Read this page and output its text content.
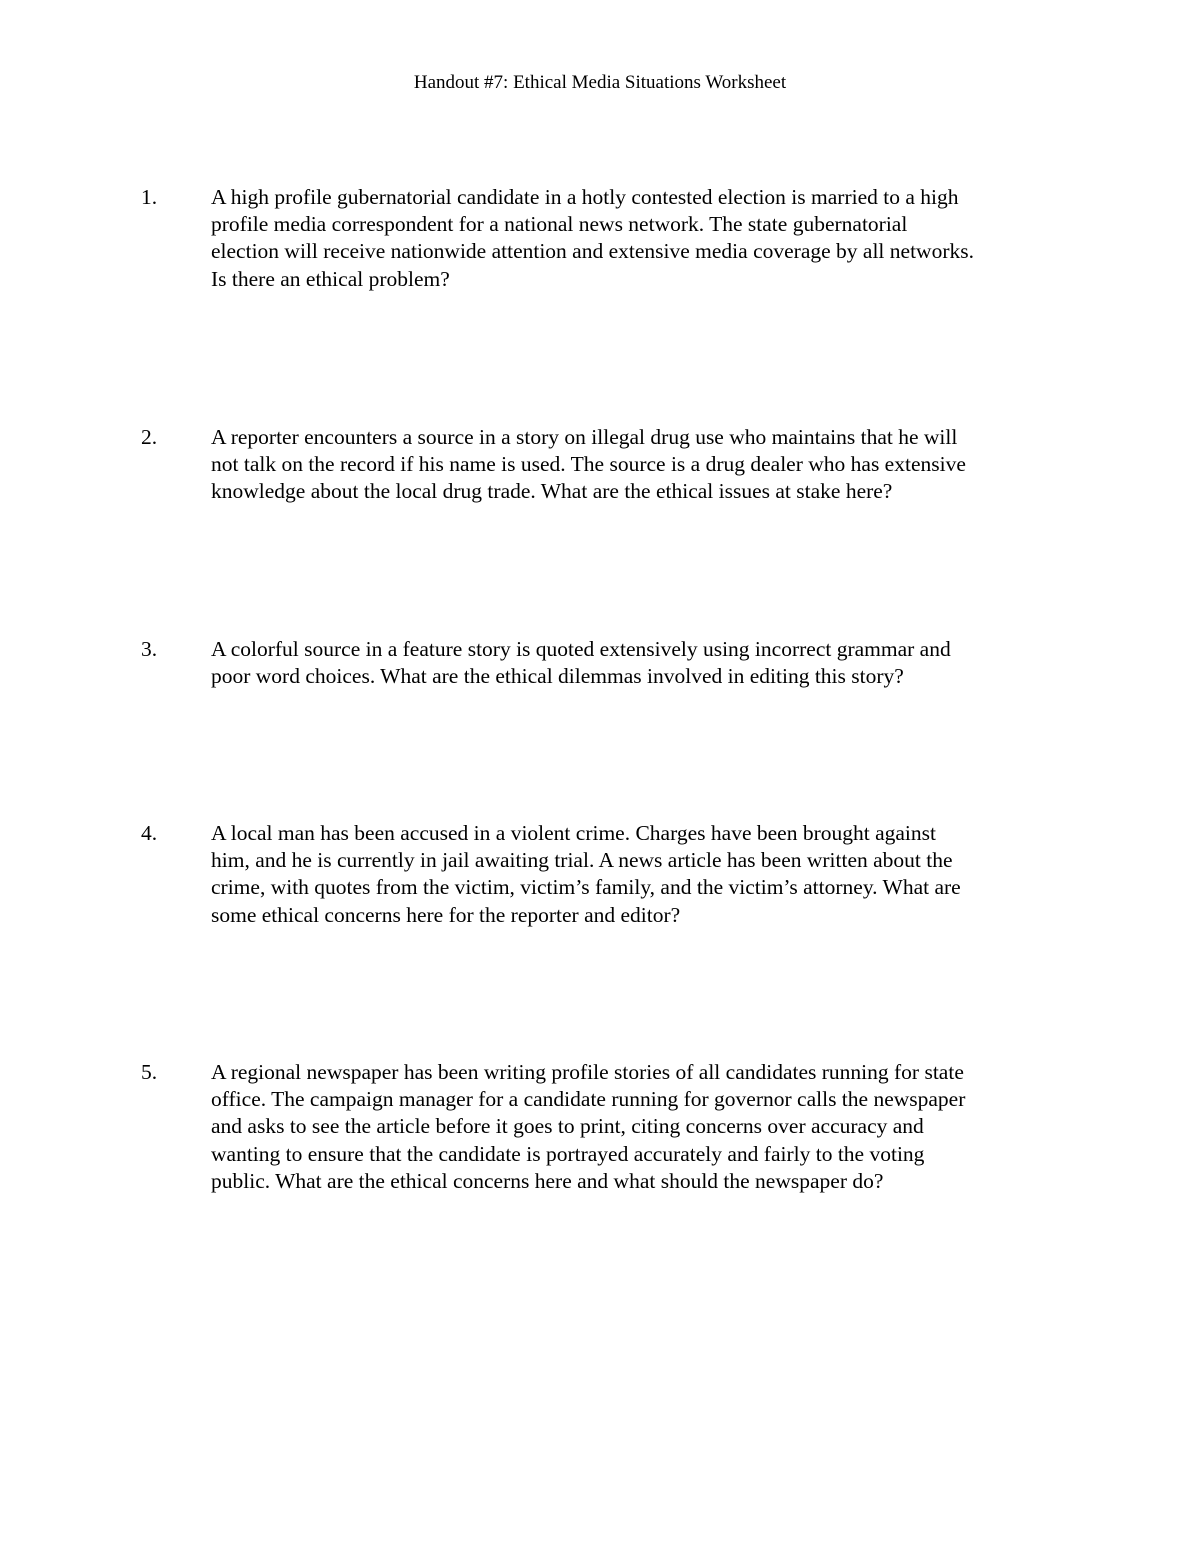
Handout #7: Ethical Media Situations Worksheet
1.	A high profile gubernatorial candidate in a hotly contested election is married to a high
profile media correspondent for a national news network. The state gubernatorial
election will receive nationwide attention and extensive media coverage by all networks.
Is there an ethical problem?
2.	A reporter encounters a source in a story on illegal drug use who maintains that he will
not talk on the record if his name is used. The source is a drug dealer who has extensive
knowledge about the local drug trade. What are the ethical issues at stake here?
3.	A colorful source in a feature story is quoted extensively using incorrect grammar and
poor word choices. What are the ethical dilemmas involved in editing this story?
4.	A local man has been accused in a violent crime. Charges have been brought against
him, and he is currently in jail awaiting trial. A news article has been written about the
crime, with quotes from the victim, victim’s family, and the victim’s attorney. What are
some ethical concerns here for the reporter and editor?
5.	A regional newspaper has been writing profile stories of all candidates running for state
office. The campaign manager for a candidate running for governor calls the newspaper
and asks to see the article before it goes to print, citing concerns over accuracy and
wanting to ensure that the candidate is portrayed accurately and fairly to the voting
public. What are the ethical concerns here and what should the newspaper do?
